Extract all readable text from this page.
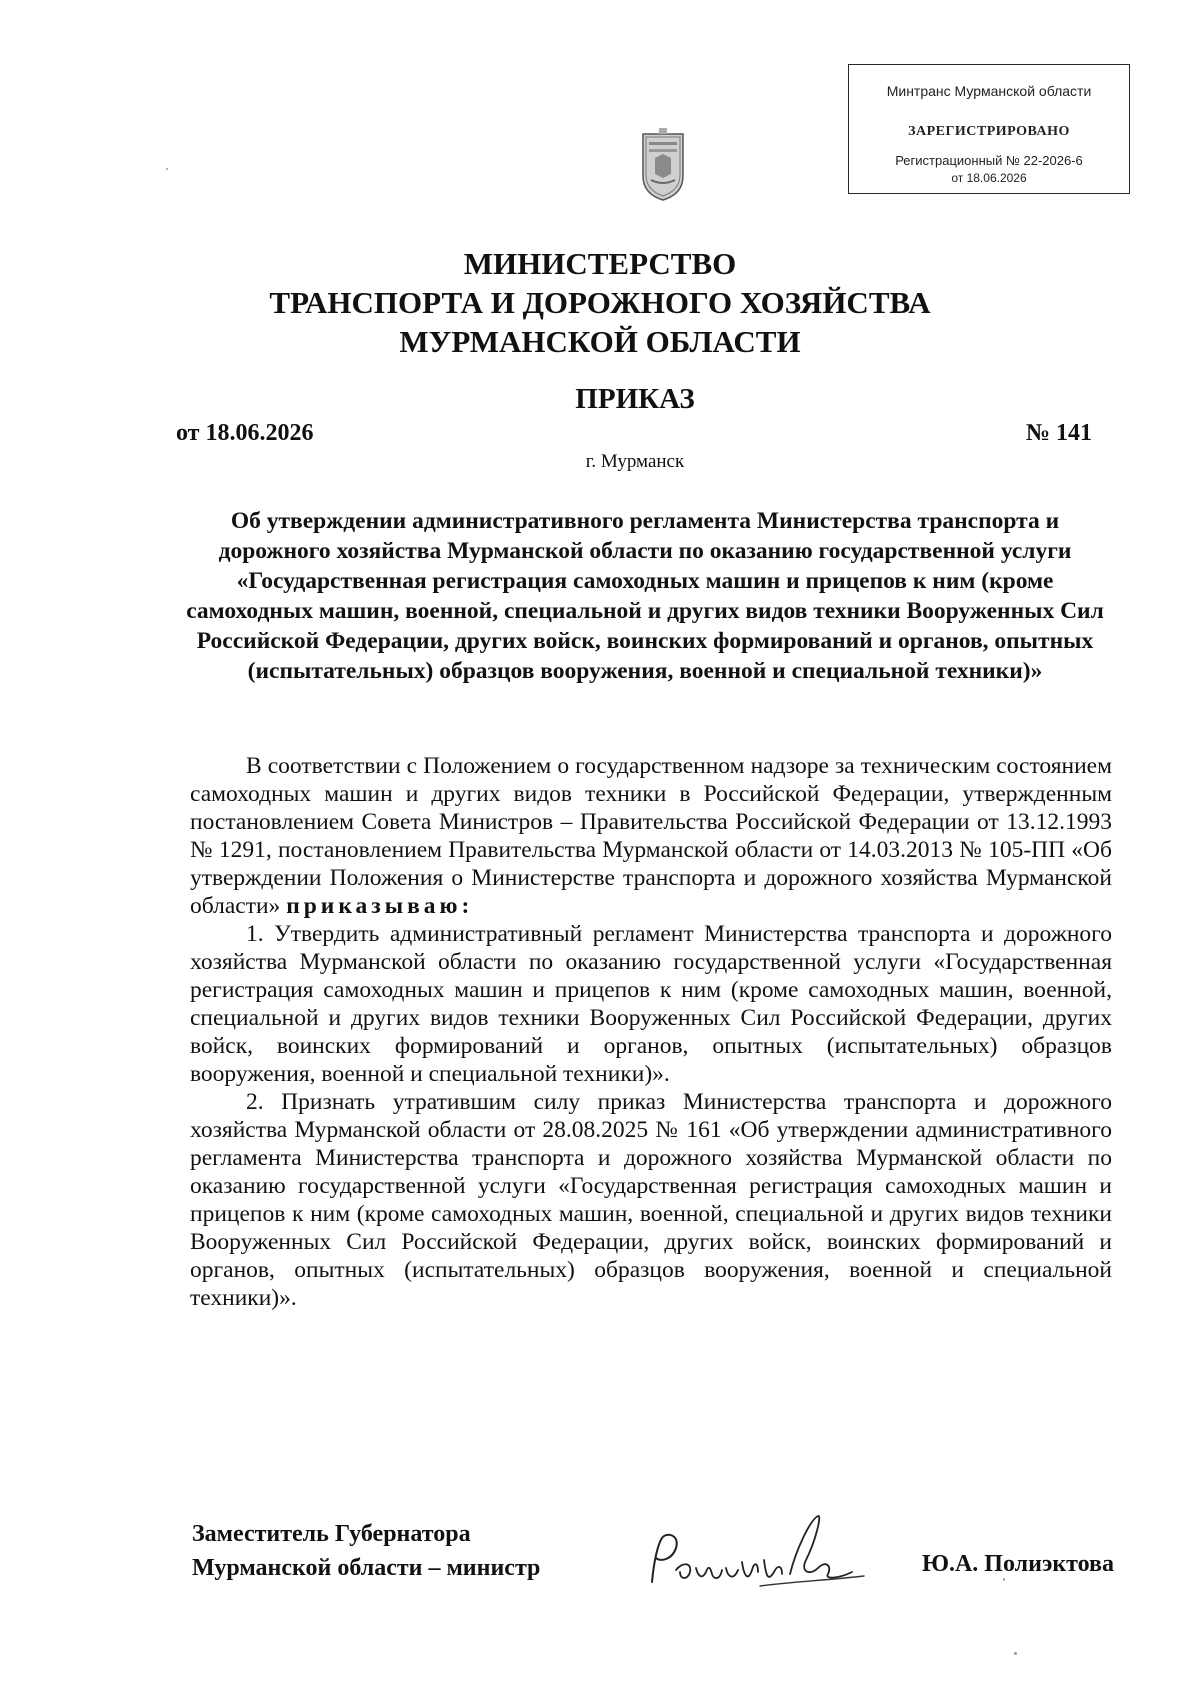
Минтранс Мурманской области
ЗАРЕГИСТРИРОВАНО
Регистрационный № 22-2026-6
от 18.06.2026
МИНИСТЕРСТВО
ТРАНСПОРТА И ДОРОЖНОГО ХОЗЯЙСТВА
МУРМАНСКОЙ ОБЛАСТИ
ПРИКАЗ
от 18.06.2026	№ 141
г. Мурманск
Об утверждении административного регламента Министерства транспорта и дорожного хозяйства Мурманской области по оказанию государственной услуги «Государственная регистрация самоходных машин и прицепов к ним (кроме самоходных машин, военной, специальной и других видов техники Вооруженных Сил Российской Федерации, других войск, воинских формирований и органов, опытных (испытательных) образцов вооружения, военной и специальной техники)»

В соответствии с Положением о государственном надзоре за техническим состоянием самоходных машин и других видов техники в Российской Федерации, утвержденным постановлением Совета Министров – Правительства Российской Федерации от 13.12.1993 № 1291, постановлением Правительства Мурманской области от 14.03.2013 № 105-ПП «Об утверждении Положения о Министерстве транспорта и дорожного хозяйства Мурманской области» приказываю:

1. Утвердить административный регламент Министерства транспорта и дорожного хозяйства Мурманской области по оказанию государственной услуги «Государственная регистрация самоходных машин и прицепов к ним (кроме самоходных машин, военной, специальной и других видов техники Вооруженных Сил Российской Федерации, других войск, воинских формирований и органов, опытных (испытательных) образцов вооружения, военной и специальной техники)».

2. Признать утратившим силу приказ Министерства транспорта и дорожного хозяйства Мурманской области от 28.08.2025 № 161 «Об утверждении административного регламента Министерства транспорта и дорожного хозяйства Мурманской области по оказанию государственной услуги «Государственная регистрация самоходных машин и прицепов к ним (кроме самоходных машин, военной, специальной и других видов техники Вооруженных Сил Российской Федерации, других войск, воинских формирований и органов, опытных (испытательных) образцов вооружения, военной и специальной техники)».

Заместитель Губернатора
Мурманской области – министр	Ю.А. Полиэктова
